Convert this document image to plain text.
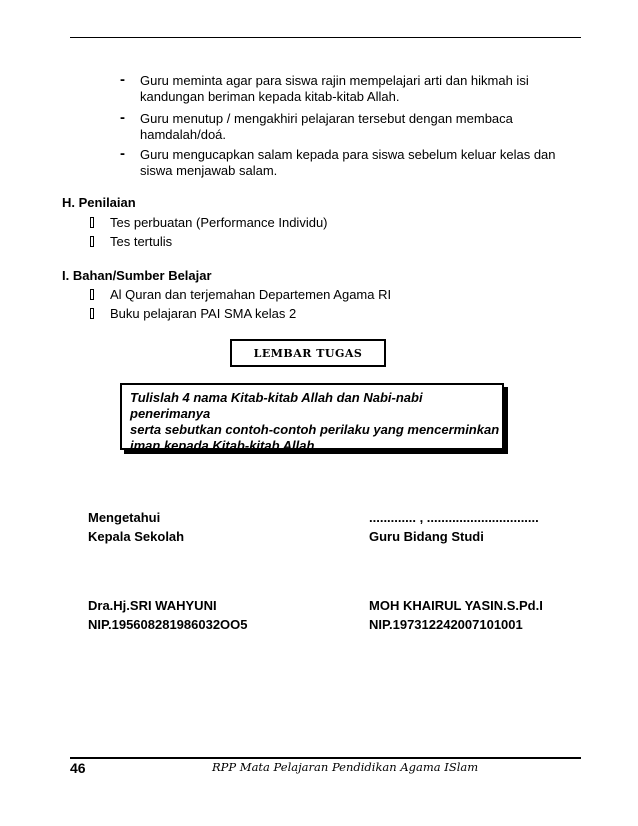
- Guru meminta agar para siswa rajin mempelajari arti dan hikmah isi
kandungan beriman kepada kitab-kitab Allah.
- Guru menutup / mengakhiri pelajaran tersebut dengan membaca
hamdalah/doá.
- Guru mengucapkan salam kepada para siswa sebelum keluar kelas dan
siswa menjawab salam.
H. Penilaian
Tes perbuatan (Performance Individu)
Tes tertulis
I. Bahan/Sumber Belajar
Al Quran dan terjemahan Departemen Agama RI
Buku pelajaran PAI SMA kelas 2
LEMBAR TUGAS
Tulislah 4 nama Kitab-kitab Allah dan Nabi-nabi penerimanya
serta sebutkan contoh-contoh perilaku yang mencerminkan
iman kepada Kitab-kitab Allah.
Mengetahui
Kepala Sekolah
Dra.Hj.SRI WAHYUNI
NIP.195608281986032OO5
............. , ...............................
Guru Bidang Studi
MOH KHAIRUL YASIN.S.Pd.I
NIP.197312242007101001
46	RPP Mata Pelajaran Pendidikan Agama ISlam
